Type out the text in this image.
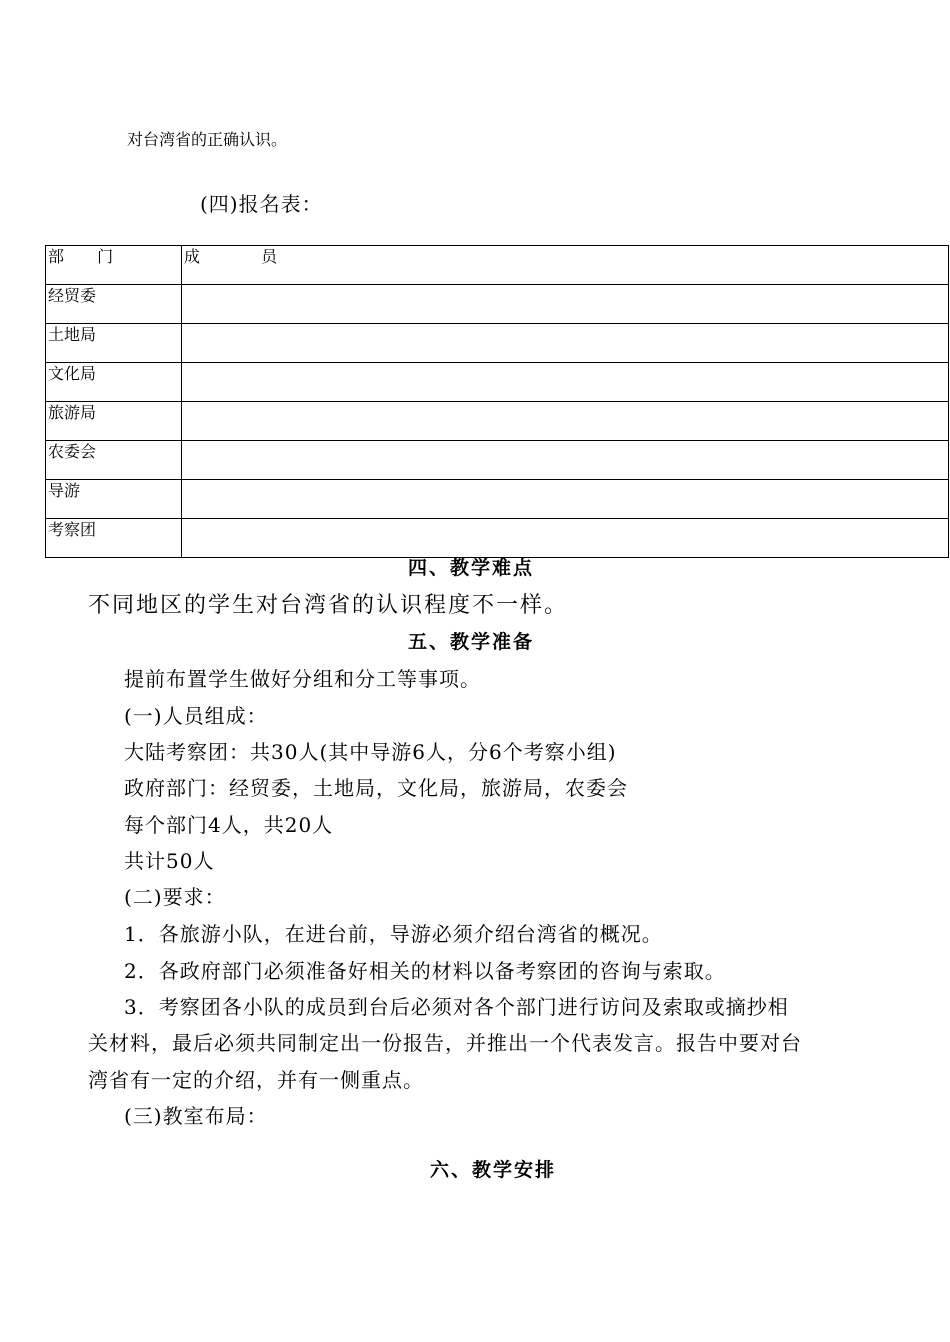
对台湾省的正确认识。
(四)报名表：
部 门	成 员
经贸委	
土地局	
文化局	
旅游局	
农委会	
导游	
考察团	
四、教学难点
不同地区的学生对台湾省的认识程度不一样。
五、教学准备
提前布置学生做好分组和分工等事项。
(一)人员组成：
大陆考察团：共30人(其中导游6人，分6个考察小组)
政府部门：经贸委，土地局，文化局，旅游局，农委会
每个部门4人，共20人
共计50人
(二)要求：
1．各旅游小队，在进台前，导游必须介绍台湾省的概况。
2．各政府部门必须准备好相关的材料以备考察团的咨询与索取。
3．考察团各小队的成员到台后必须对各个部门进行访问及索取或摘抄相
关材料，最后必须共同制定出一份报告，并推出一个代表发言。报告中要对台
湾省有一定的介绍，并有一侧重点。
(三)教室布局：
六、教学安排
